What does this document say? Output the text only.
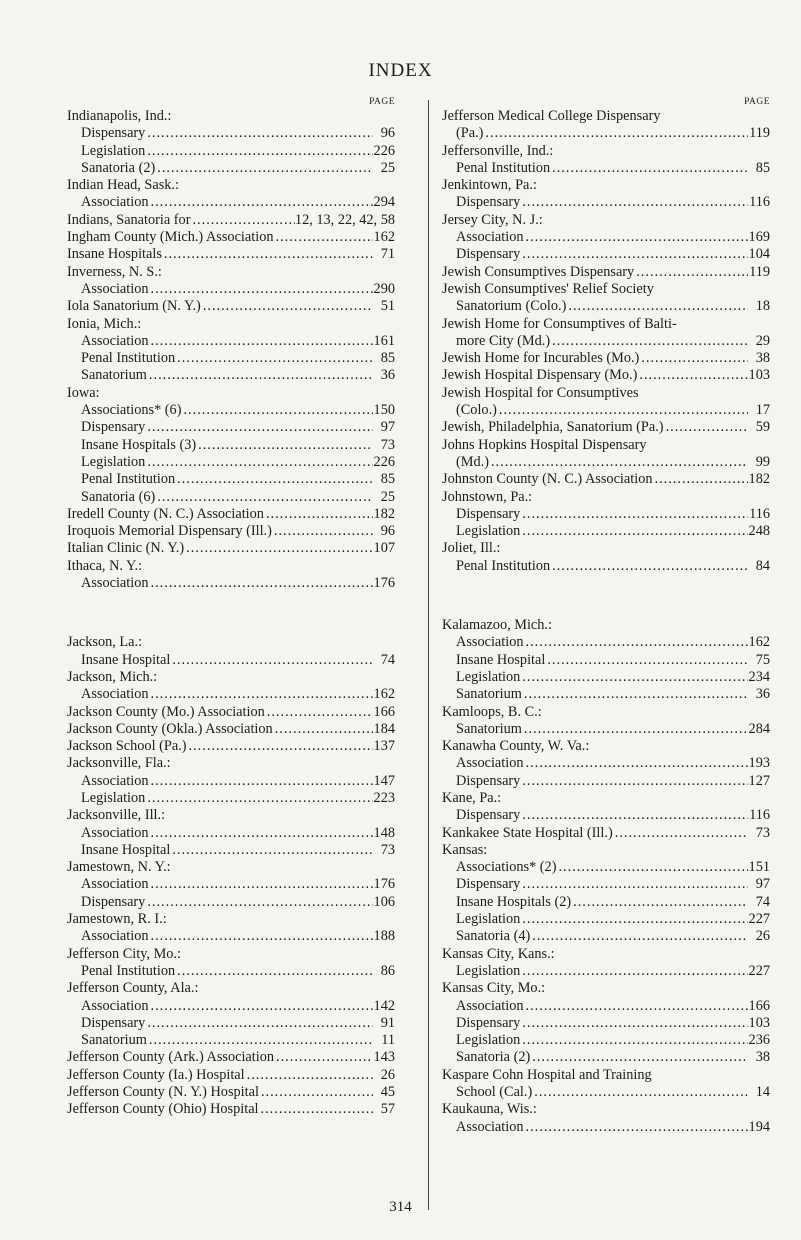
INDEX
PAGE
Indianapolis, Ind.:
Dispensary .....	96
Legislation .....	226
Sanatoria (2) .....	25
Indian Head, Sask.:
Association .....	294
Indians, Sanatoria for .....	12, 13, 22, 42, 58
Ingham County (Mich.) Association .....	162
Insane Hospitals .....	71
Inverness, N. S.:
Association .....	290
Iola Sanatorium (N. Y.) .....	51
Ionia, Mich.:
Association .....	161
Penal Institution .....	85
Sanatorium .....	36
Iowa:
Associations* (6) .....	150
Dispensary .....	97
Insane Hospitals (3) .....	73
Legislation .....	226
Penal Institution .....	85
Sanatoria (6) .....	25
Iredell County (N. C.) Association .....	182
Iroquois Memorial Dispensary (Ill.) .....	96
Italian Clinic (N. Y.) .....	107
Ithaca, N. Y.:
Association .....	176
Jackson, La.:
Insane Hospital .....	74
Jackson, Mich.:
Association .....	162
Jackson County (Mo.) Association .....	166
Jackson County (Okla.) Association .....	184
Jackson School (Pa.) .....	137
Jacksonville, Fla.:
Association .....	147
Legislation .....	223
Jacksonville, Ill.:
Association .....	148
Insane Hospital .....	73
Jamestown, N. Y.:
Association .....	176
Dispensary .....	106
Jamestown, R. I.:
Association .....	188
Jefferson City, Mo.:
Penal Institution .....	86
Jefferson County, Ala.:
Association .....	142
Dispensary .....	91
Sanatorium .....	11
Jefferson County (Ark.) Association .....	143
Jefferson County (Ia.) Hospital .....	26
Jefferson County (N. Y.) Hospital .....	45
Jefferson County (Ohio) Hospital .....	57
PAGE
Jefferson Medical College Dispensary
(Pa.) .....	119
Jeffersonville, Ind.:
Penal Institution .....	85
Jenkintown, Pa.:
Dispensary .....	116
Jersey City, N. J.:
Association .....	169
Dispensary .....	104
Jewish Consumptives Dispensary .....	119
Jewish Consumptives' Relief Society
Sanatorium (Colo.) .....	18
Jewish Home for Consumptives of Balti-
more City (Md.) .....	29
Jewish Home for Incurables (Mo.) .....	38
Jewish Hospital Dispensary (Mo.) .....	103
Jewish Hospital for Consumptives
(Colo.) .....	17
Jewish, Philadelphia, Sanatorium (Pa.) .....	59
Johns Hopkins Hospital Dispensary
(Md.) .....	99
Johnston County (N. C.) Association .....	182
Johnstown, Pa.:
Dispensary .....	116
Legislation .....	248
Joliet, Ill.:
Penal Institution .....	84
Kalamazoo, Mich.:
Association .....	162
Insane Hospital .....	75
Legislation .....	234
Sanatorium .....	36
Kamloops, B. C.:
Sanatorium .....	284
Kanawha County, W. Va.:
Association .....	193
Dispensary .....	127
Kane, Pa.:
Dispensary .....	116
Kankakee State Hospital (Ill.) .....	73
Kansas:
Associations* (2) .....	151
Dispensary .....	97
Insane Hospitals (2) .....	74
Legislation .....	227
Sanatoria (4) .....	26
Kansas City, Kans.:
Legislation .....	227
Kansas City, Mo.:
Association .....	166
Dispensary .....	103
Legislation .....	236
Sanatoria (2) .....	38
Kaspare Cohn Hospital and Training
School (Cal.) .....	14
Kaukauna, Wis.:
Association .....	194
314
